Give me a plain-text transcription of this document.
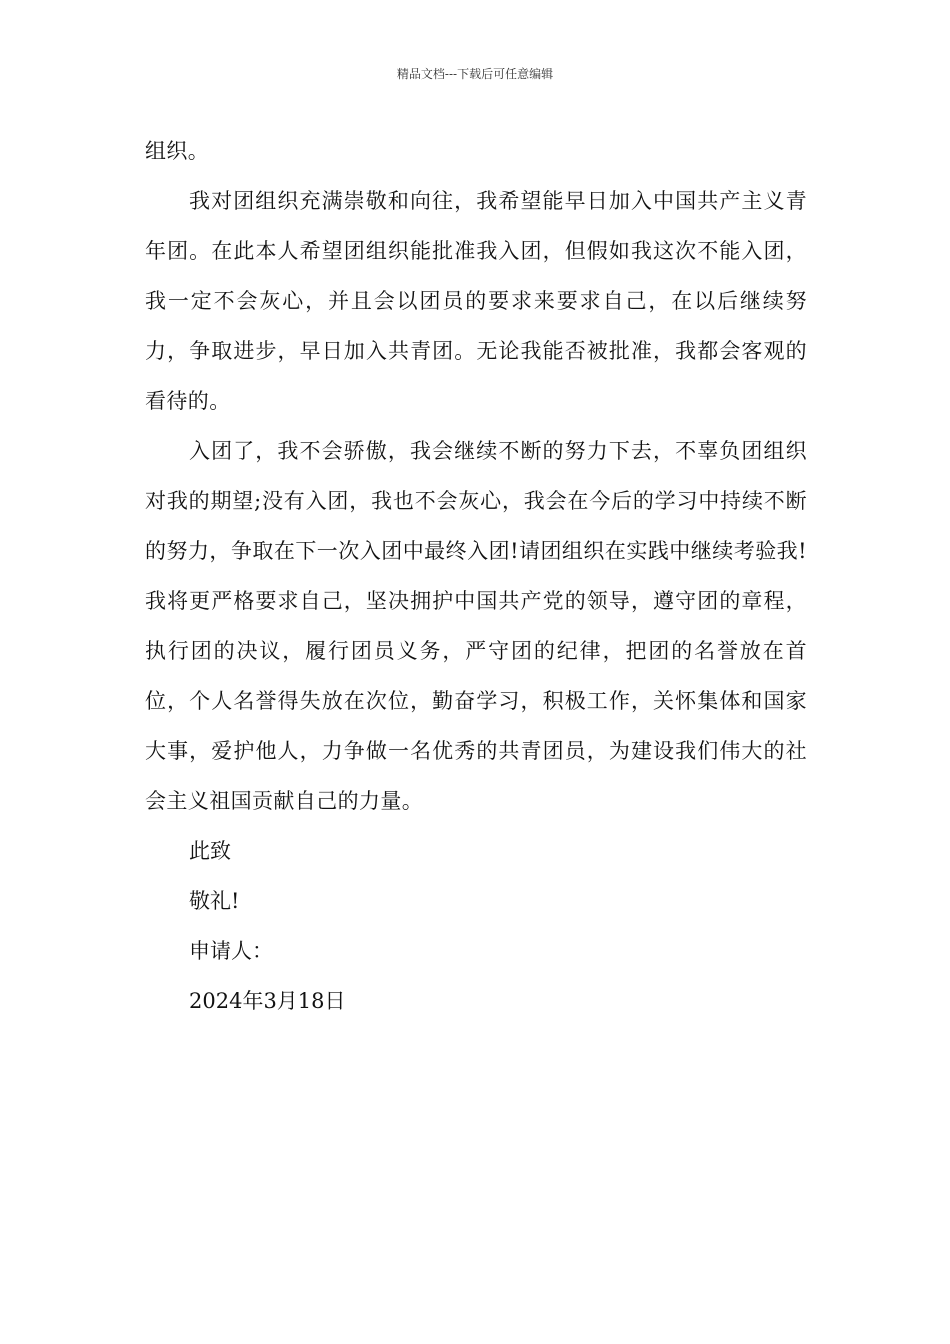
精品文档---下载后可任意编辑

组织。

我对团组织充满崇敬和向往，我希望能早日加入中国共产主义青年团。在此本人希望团组织能批准我入团，但假如我这次不能入团，我一定不会灰心，并且会以团员的要求来要求自己，在以后继续努力，争取进步，早日加入共青团。无论我能否被批准，我都会客观的看待的。

入团了，我不会骄傲，我会继续不断的努力下去，不辜负团组织对我的期望;没有入团，我也不会灰心，我会在今后的学习中持续不断的努力，争取在下一次入团中最终入团!请团组织在实践中继续考验我!我将更严格要求自己，坚决拥护中国共产党的领导，遵守团的章程，执行团的决议，履行团员义务，严守团的纪律，把团的名誉放在首位，个人名誉得失放在次位，勤奋学习，积极工作，关怀集体和国家大事，爱护他人，力争做一名优秀的共青团员，为建设我们伟大的社会主义祖国贡献自己的力量。

此致

敬礼!

申请人：

2024年3月18日
